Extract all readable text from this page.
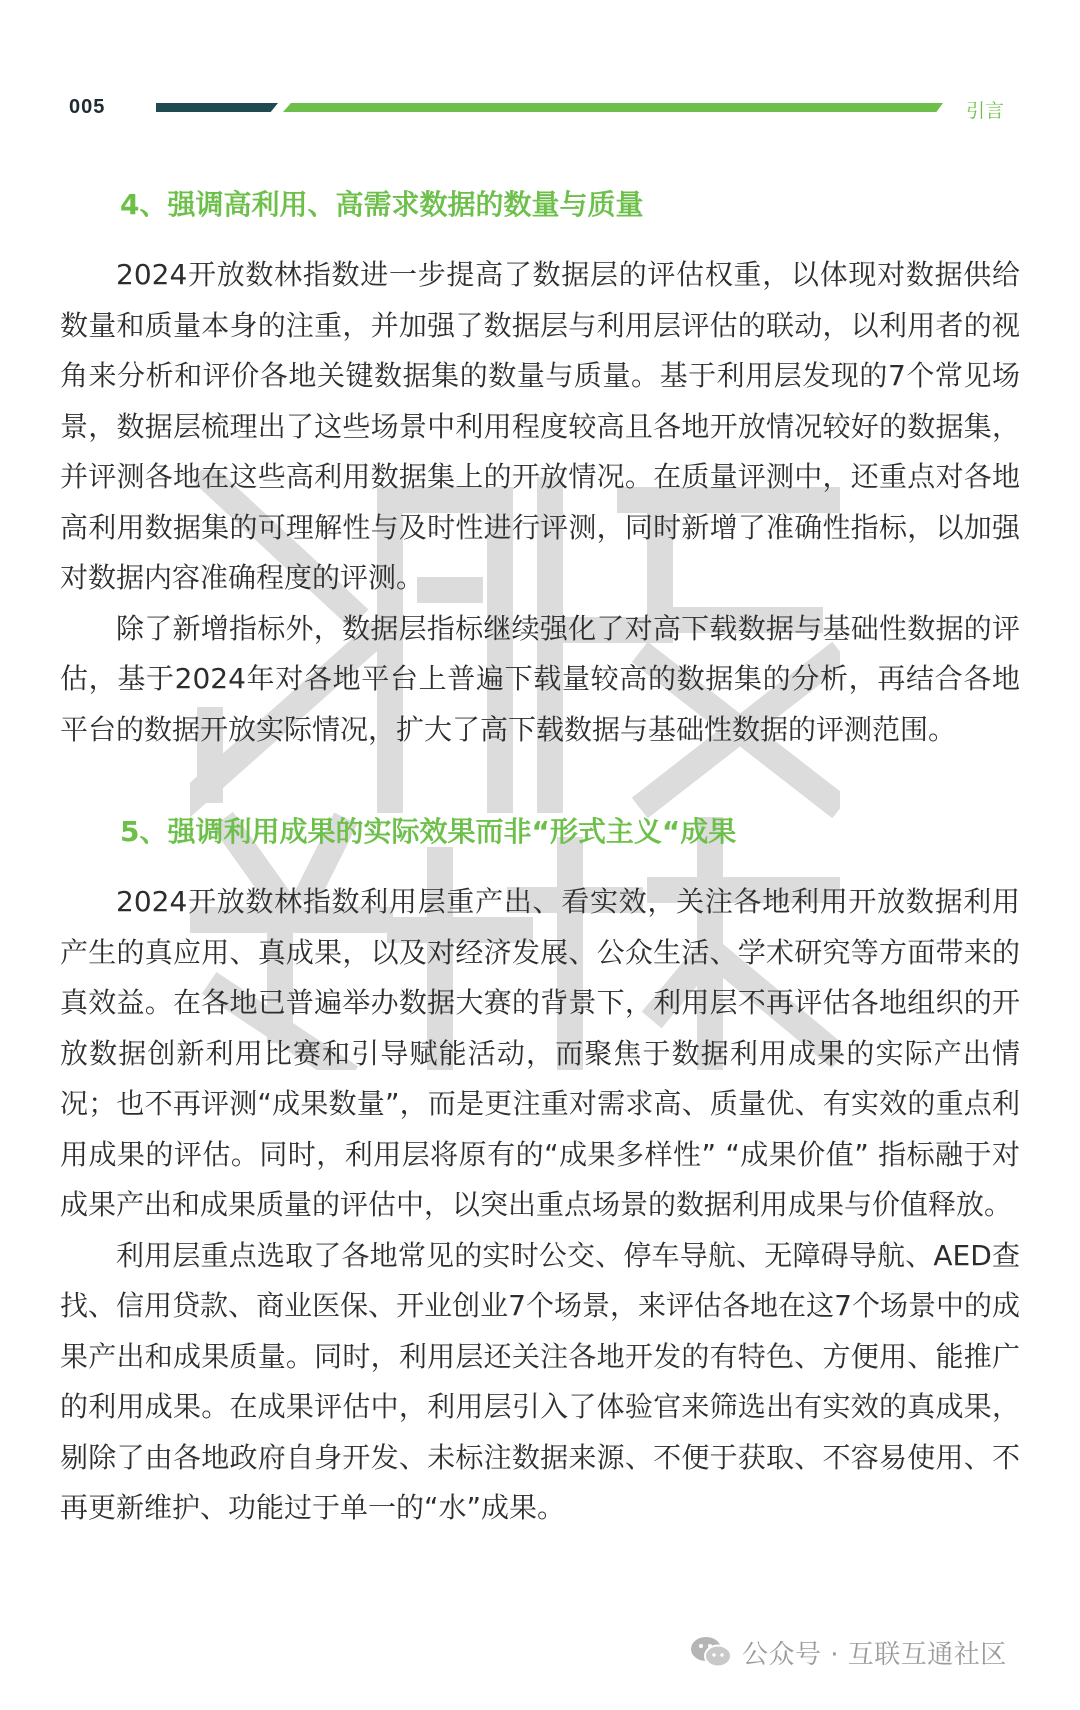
005	引言
4、强调高利用、高需求数据的数量与质量

2024开放数林指数进一步提高了数据层的评估权重，以体现对数据供给数量和质量本身的注重，并加强了数据层与利用层评估的联动，以利用者的视角来分析和评价各地关键数据集的数量与质量。基于利用层发现的7个常见场景，数据层梳理出了这些场景中利用程度较高且各地开放情况较好的数据集，并评测各地在这些高利用数据集上的开放情况。在质量评测中，还重点对各地高利用数据集的可理解性与及时性进行评测，同时新增了准确性指标，以加强对数据内容准确程度的评测。

除了新增指标外，数据层指标继续强化了对高下载数据与基础性数据的评估，基于2024年对各地平台上普遍下载量较高的数据集的分析，再结合各地平台的数据开放实际情况，扩大了高下载数据与基础性数据的评测范围。

5、强调利用成果的实际效果而非“形式主义“成果

2024开放数林指数利用层重产出、看实效，关注各地利用开放数据利用产生的真应用、真成果，以及对经济发展、公众生活、学术研究等方面带来的真效益。在各地已普遍举办数据大赛的背景下，利用层不再评估各地组织的开放数据创新利用比赛和引导赋能活动，而聚焦于数据利用成果的实际产出情况；也不再评测“成果数量”，而是更注重对需求高、质量优、有实效的重点利用成果的评估。同时，利用层将原有的“成果多样性” “成果价值” 指标融于对成果产出和成果质量的评估中，以突出重点场景的数据利用成果与价值释放。

利用层重点选取了各地常见的实时公交、停车导航、无障碍导航、AED查找、信用贷款、商业医保、开业创业7个场景，来评估各地在这7个场景中的成果产出和成果质量。同时，利用层还关注各地开发的有特色、方便用、能推广的利用成果。在成果评估中，利用层引入了体验官来筛选出有实效的真成果，剔除了由各地政府自身开发、未标注数据来源、不便于获取、不容易使用、不再更新维护、功能过于单一的“水”成果。

公众号 · 互联互通社区
